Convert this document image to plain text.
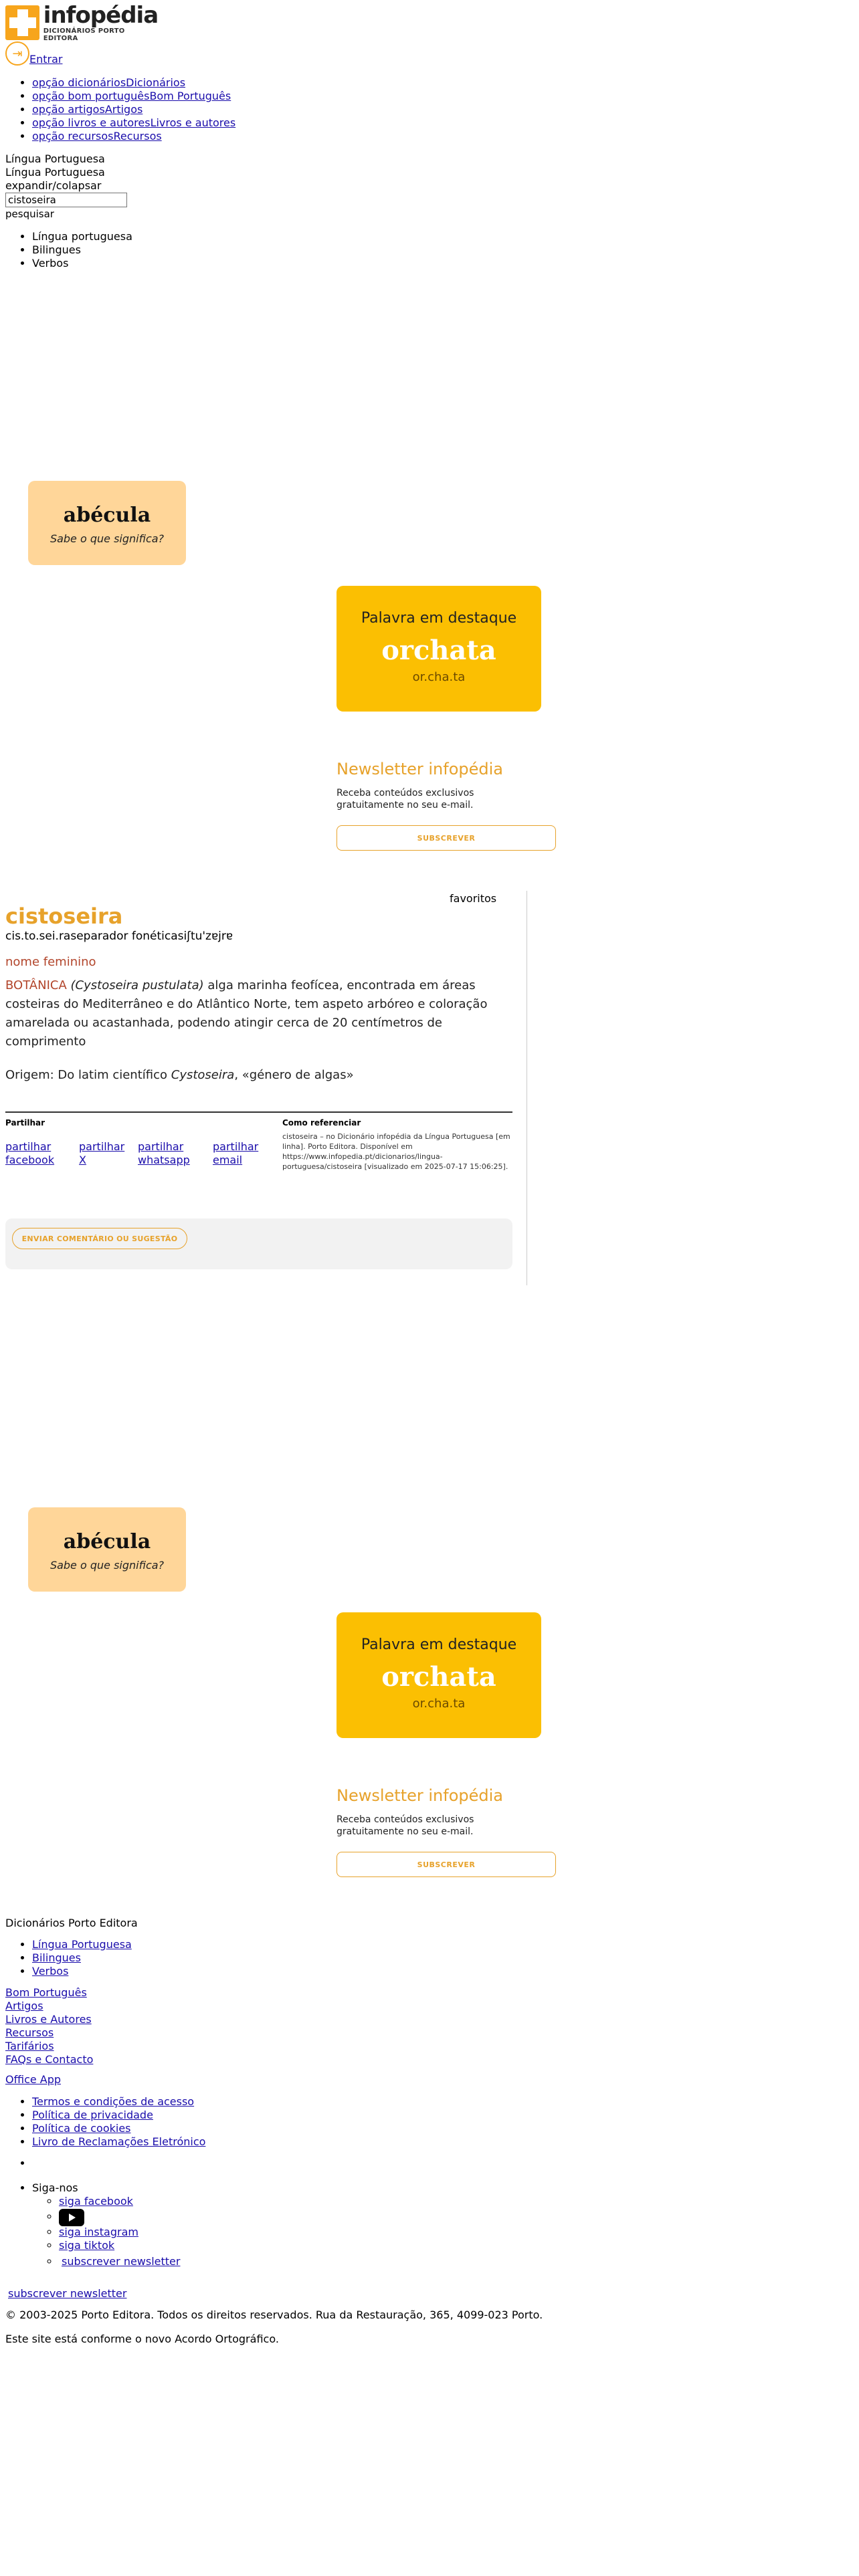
infopédia
DICIONÁRIOS PORTO EDITORA
⇥ Entrar
• opção dicionáriosDicionários
• opção bom portuguêsBom Português
• opção artigosArtigos
• opção livros e autoresLivros e autores
• opção recursosRecursos
Língua Portuguesa
Língua Portuguesa
expandir/colapsar
cistoseira
pesquisar
• Língua portuguesa
• Bilingues
• Verbos
abécula
Sabe o que significa?
Palavra em destaque
orchata
or.cha.ta
Newsletter infopédia
Receba conteúdos exclusivos gratuitamente no seu e-mail.
SUBSCREVER
favoritos
cistoseira
cis.to.sei.raseparador fonéticasiʃtu'zɐjrɐ
nome feminino
BOTÂNICA (Cystoseira pustulata) alga marinha feofícea, encontrada em áreas costeiras do Mediterrâneo e do Atlântico Norte, tem aspeto arbóreo e coloração amarelada ou acastanhada, podendo atingir cerca de 20 centímetros de comprimento
Origem: Do latim científico Cystoseira, «género de algas»
Partilhar
partilhar facebook
partilhar X
partilhar whatsapp
partilhar email
Como referenciar
cistoseira – no Dicionário infopédia da Língua Portuguesa [em linha]. Porto Editora. Disponível em https://www.infopedia.pt/dicionarios/lingua-portuguesa/cistoseira [visualizado em 2025-07-17 15:06:25].
ENVIAR COMENTÁRIO OU SUGESTÃO
abécula
Sabe o que significa?
Palavra em destaque
orchata
or.cha.ta
Newsletter infopédia
Receba conteúdos exclusivos gratuitamente no seu e-mail.
SUBSCREVER
Dicionários Porto Editora
• Língua Portuguesa
• Bilingues
• Verbos
Bom Português
Artigos
Livros e Autores
Recursos
Tarifários
FAQs e Contacto
Office App
• Termos e condições de acesso
• Política de privacidade
• Política de cookies
• Livro de Reclamações Eletrónico
•
• Siga-nos
◦ siga facebook
◦
◦ siga instagram
◦ siga tiktok
◦ subscrever newsletter
subscrever newsletter
© 2003-2025 Porto Editora. Todos os direitos reservados. Rua da Restauração, 365, 4099-023 Porto.
Este site está conforme o novo Acordo Ortográfico.
